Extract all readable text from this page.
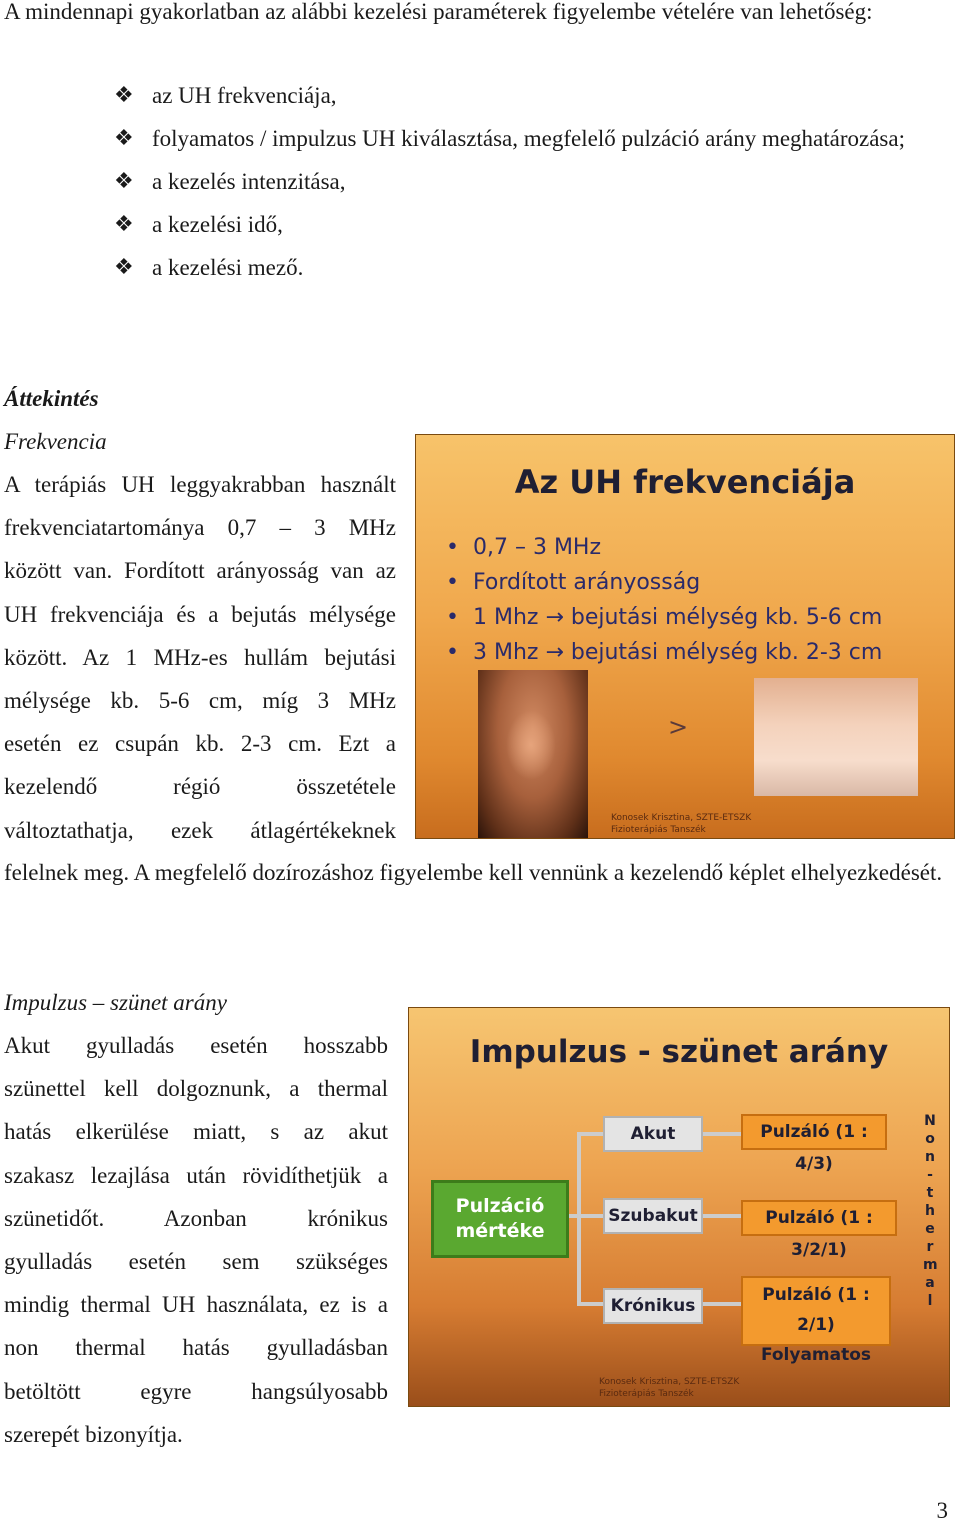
A mindennapi gyakorlatban az alábbi kezelési paraméterek figyelembe vételére van lehetőség:

❖ az UH frekvenciája,
❖ folyamatos / impulzus UH kiválasztása, megfelelő pulzáció arány meghatározása;
❖ a kezelés intenzitása,
❖ a kezelési idő,
❖ a kezelési mező.
Áttekintés
Frekvencia
A terápiás UH leggyakrabban használt
frekvenciatartománya 0,7 – 3 MHz
között van. Fordított arányosság van az
UH frekvenciája és a bejutás mélysége
között. Az 1 MHz-es hullám bejutási
mélysége kb. 5-6 cm, míg 3 MHz
esetén ez csupán kb. 2-3 cm. Ezt a
kezelendő régió összetétele
változtathatja, ezek átlagértékeknek

felelnek meg. A megfelelő dozírozáshoz figyelembe kell vennünk a kezelendő képlet elhelyezkedését.

Az UH frekvenciája
• 0,7 – 3 MHz
• Fordított arányosság
• 1 Mhz → bejutási mélység kb. 5-6 cm
• 3 Mhz → bejutási mélység kb. 2-3 cm
>
Konosek Krisztina, SZTE-ETSZK
Fizioterápiás Tanszék
Impulzus – szünet arány
Akut gyulladás esetén hosszabb
szünettel kell dolgoznunk, a thermal
hatás elkerülése miatt, s az akut
szakasz lezajlása után rövidíthetjük a
szünetidőt. Azonban krónikus
gyulladás esetén sem szükséges
mindig thermal UH használata, ez is a
non thermal hatás gyulladásban
betöltött egyre hangsúlyosabb
szerepét bizonyítja.
Impulzus - szünet arány
Pulzáció mértéke
Akut
Szubakut
Krónikus
Pulzáló (1 : 4/3)
Pulzáló (1 : 3/2/1)
Pulzáló (1 : 2/1)
Folyamatos
N
o
n
-
t
h
e
r
m
a
l
Konosek Krisztina, SZTE-ETSZK
Fizioterápiás Tanszék
3
